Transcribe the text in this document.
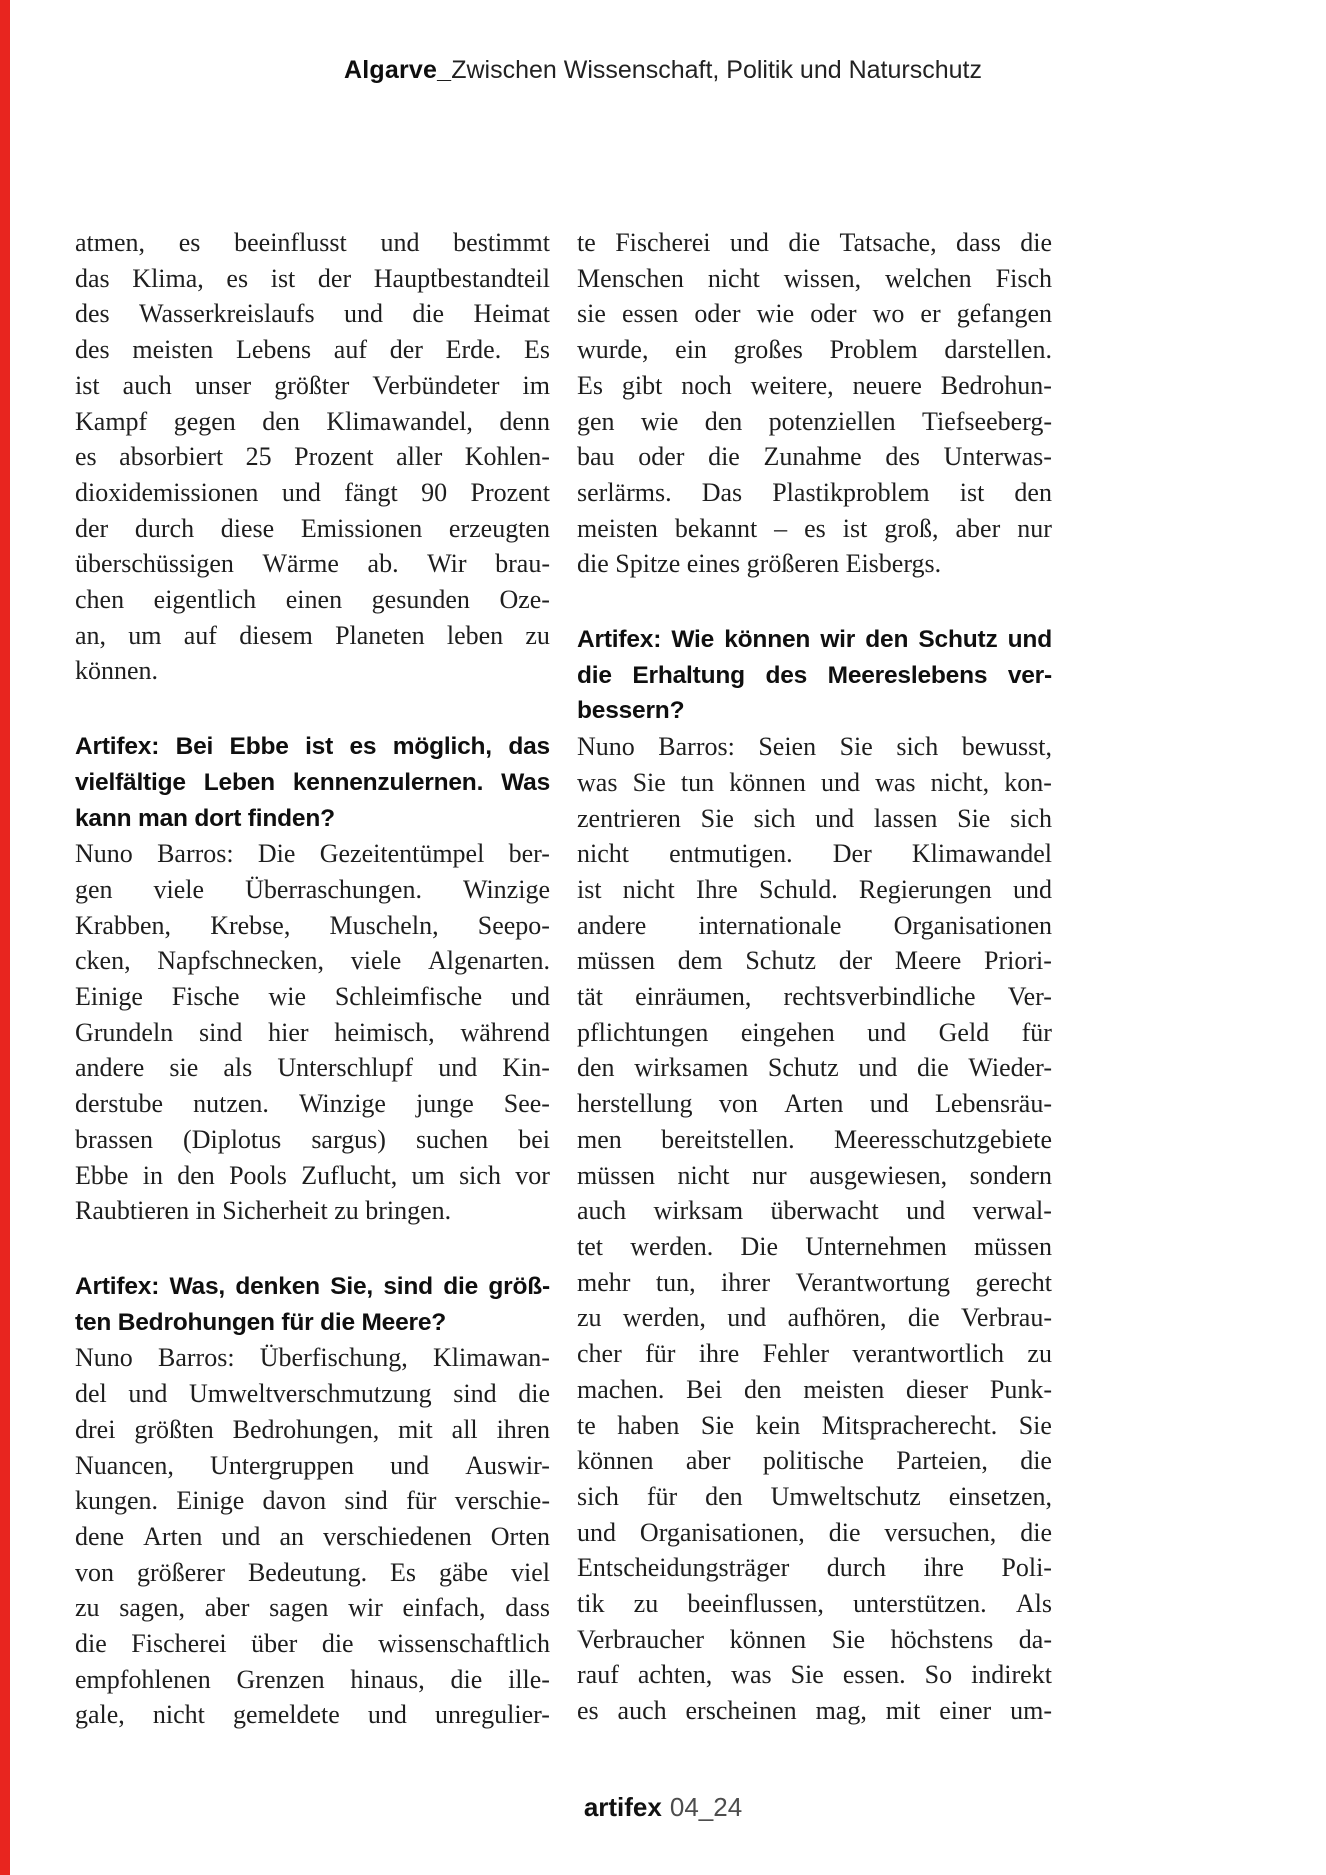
Algarve_Zwischen Wissenschaft, Politik und Naturschutz
atmen, es beeinflusst und bestimmt
das Klima, es ist der Hauptbestandteil
des Wasserkreislaufs und die Heimat
des meisten Lebens auf der Erde. Es
ist auch unser größter Verbündeter im
Kampf gegen den Klimawandel, denn
es absorbiert 25 Prozent aller Kohlen-
dioxidemissionen und fängt 90 Prozent
der durch diese Emissionen erzeugten
überschüssigen Wärme ab. Wir brau-
chen eigentlich einen gesunden Oze-
an, um auf diesem Planeten leben zu
können.
Artifex: Bei Ebbe ist es möglich, das
vielfältige Leben kennenzulernen. Was
kann man dort finden?
Nuno Barros: Die Gezeitentümpel ber-
gen viele Überraschungen. Winzige
Krabben, Krebse, Muscheln, Seepo-
cken, Napfschnecken, viele Algenarten.
Einige Fische wie Schleimfische und
Grundeln sind hier heimisch, während
andere sie als Unterschlupf und Kin-
derstube nutzen. Winzige junge See-
brassen (Diplotus sargus) suchen bei
Ebbe in den Pools Zuflucht, um sich vor
Raubtieren in Sicherheit zu bringen.
Artifex: Was, denken Sie, sind die größ-
ten Bedrohungen für die Meere?
Nuno Barros: Überfischung, Klimawan-
del und Umweltverschmutzung sind die
drei größten Bedrohungen, mit all ihren
Nuancen, Untergruppen und Auswir-
kungen. Einige davon sind für verschie-
dene Arten und an verschiedenen Orten
von größerer Bedeutung. Es gäbe viel
zu sagen, aber sagen wir einfach, dass
die Fischerei über die wissenschaftlich
empfohlenen Grenzen hinaus, die ille-
gale, nicht gemeldete und unregulier-
te Fischerei und die Tatsache, dass die
Menschen nicht wissen, welchen Fisch
sie essen oder wie oder wo er gefangen
wurde, ein großes Problem darstellen.
Es gibt noch weitere, neuere Bedrohun-
gen wie den potenziellen Tiefseeberg-
bau oder die Zunahme des Unterwas-
serlärms. Das Plastikproblem ist den
meisten bekannt – es ist groß, aber nur
die Spitze eines größeren Eisbergs.
Artifex: Wie können wir den Schutz und
die Erhaltung des Meereslebens ver-
bessern?
Nuno Barros: Seien Sie sich bewusst,
was Sie tun können und was nicht, kon-
zentrieren Sie sich und lassen Sie sich
nicht entmutigen. Der Klimawandel
ist nicht Ihre Schuld. Regierungen und
andere internationale Organisationen
müssen dem Schutz der Meere Priori-
tät einräumen, rechtsverbindliche Ver-
pflichtungen eingehen und Geld für
den wirksamen Schutz und die Wieder-
herstellung von Arten und Lebensräu-
men bereitstellen. Meeresschutzgebiete
müssen nicht nur ausgewiesen, sondern
auch wirksam überwacht und verwal-
tet werden. Die Unternehmen müssen
mehr tun, ihrer Verantwortung gerecht
zu werden, und aufhören, die Verbrau-
cher für ihre Fehler verantwortlich zu
machen. Bei den meisten dieser Punk-
te haben Sie kein Mitspracherecht. Sie
können aber politische Parteien, die
sich für den Umweltschutz einsetzen,
und Organisationen, die versuchen, die
Entscheidungsträger durch ihre Poli-
tik zu beeinflussen, unterstützen. Als
Verbraucher können Sie höchstens da-
rauf achten, was Sie essen. So indirekt
es auch erscheinen mag, mit einer um-
artifex 04_24
